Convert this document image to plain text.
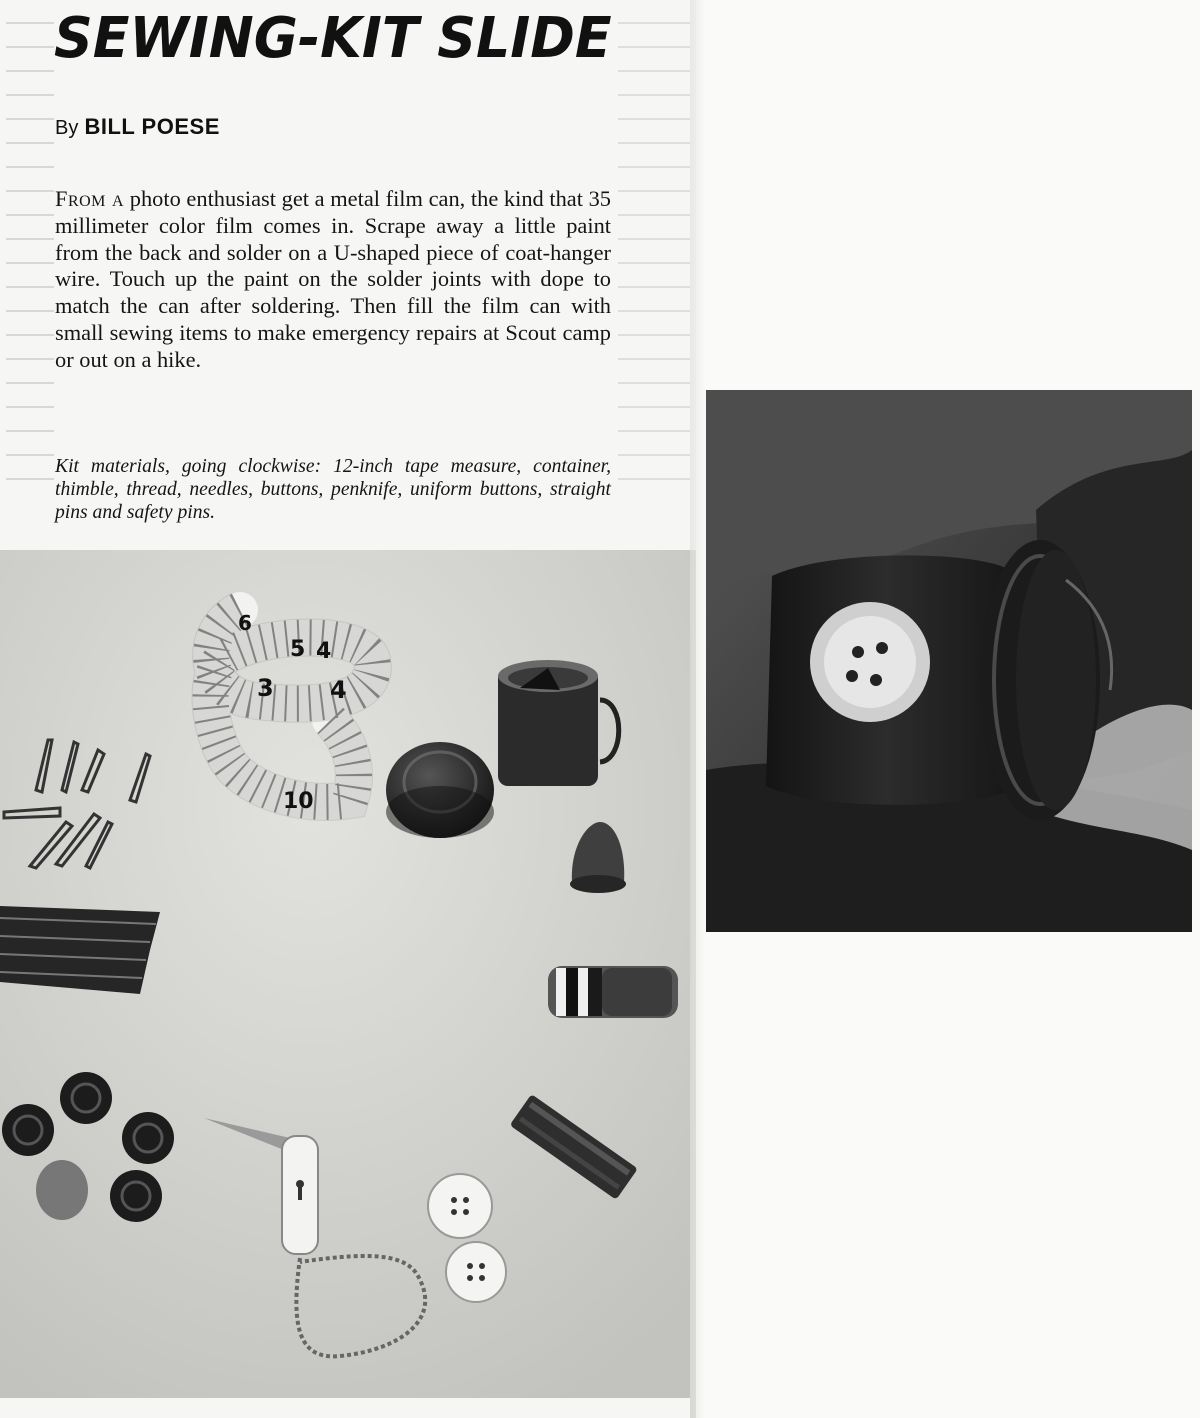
SEWING-KIT SLIDE
By BILL POESE
From a photo enthusiast get a metal film can, the kind that 35 millimeter color film comes in. Scrape away a little paint from the back and solder on a U-shaped piece of coat-hanger wire. Touch up the paint on the solder joints with dope to match the can after soldering. Then fill the film can with small sewing items to make emergency repairs at Scout camp or out on a hike.
Kit materials, going clockwise: 12-inch tape measure, container, thimble, thread, needles, buttons, penknife, uniform buttons, straight pins and safety pins.
6
5 4
3 4
10
